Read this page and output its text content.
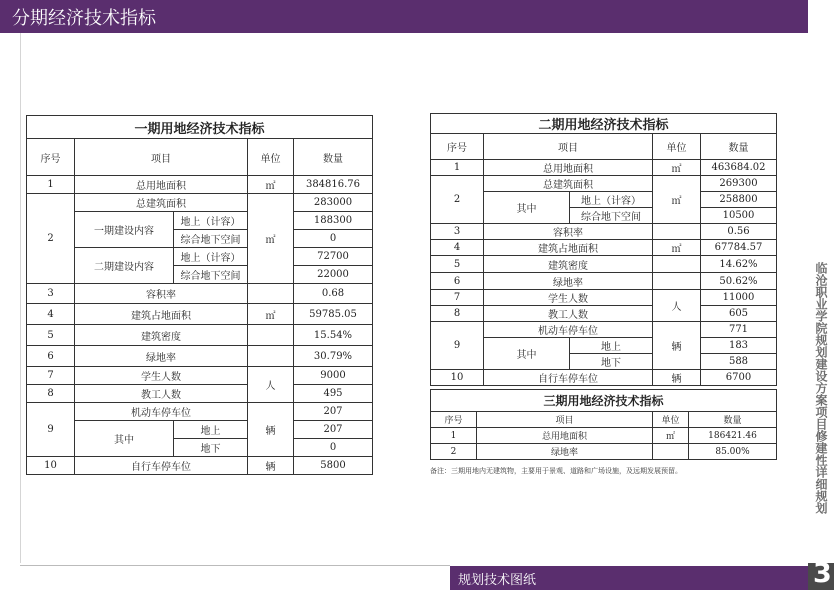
分期经济技术指标
临沧职业学院规划建设方案项目修建性详细规划
3
规划技术图纸
一期用地经济技术指标				
序号	项目		单位	数量
1	总用地面积		㎡	384816.76
2	总建筑面积		㎡	283000
	一期建设内容	地上（计容）		188300
		综合地下空间		0
	二期建设内容	地上（计容）		72700
		综合地下空间		22000
3	容积率			0.68
4	建筑占地面积		㎡	59785.05
5	建筑密度			15.54%
6	绿地率			30.79%
7	学生人数		人	9000
8	教工人数			495
9	机动车停车位		辆	207
	其中	地上		207
		地下		0
10	自行车停车位		辆	5800
二期用地经济技术指标				
序号	项目		单位	数量
1	总用地面积		㎡	463684.02
2	总建筑面积		㎡	269300
	其中	地上（计容）		258800
		综合地下空间		10500
3	容积率			0.56
4	建筑占地面积		㎡	67784.57
5	建筑密度			14.62%
6	绿地率			50.62%
7	学生人数		人	11000
8	教工人数			605
9	机动车停车位		辆	771
	其中	地上		183
		地下		588
10	自行车停车位		辆	6700
三期用地经济技术指标			
序号	项目	单位	数量
1	总用地面积	㎡	186421.46
2	绿地率		85.00%
备注：三期用地内无建筑物，主要用于景观、道路和广场设施，及远期发展预留。
